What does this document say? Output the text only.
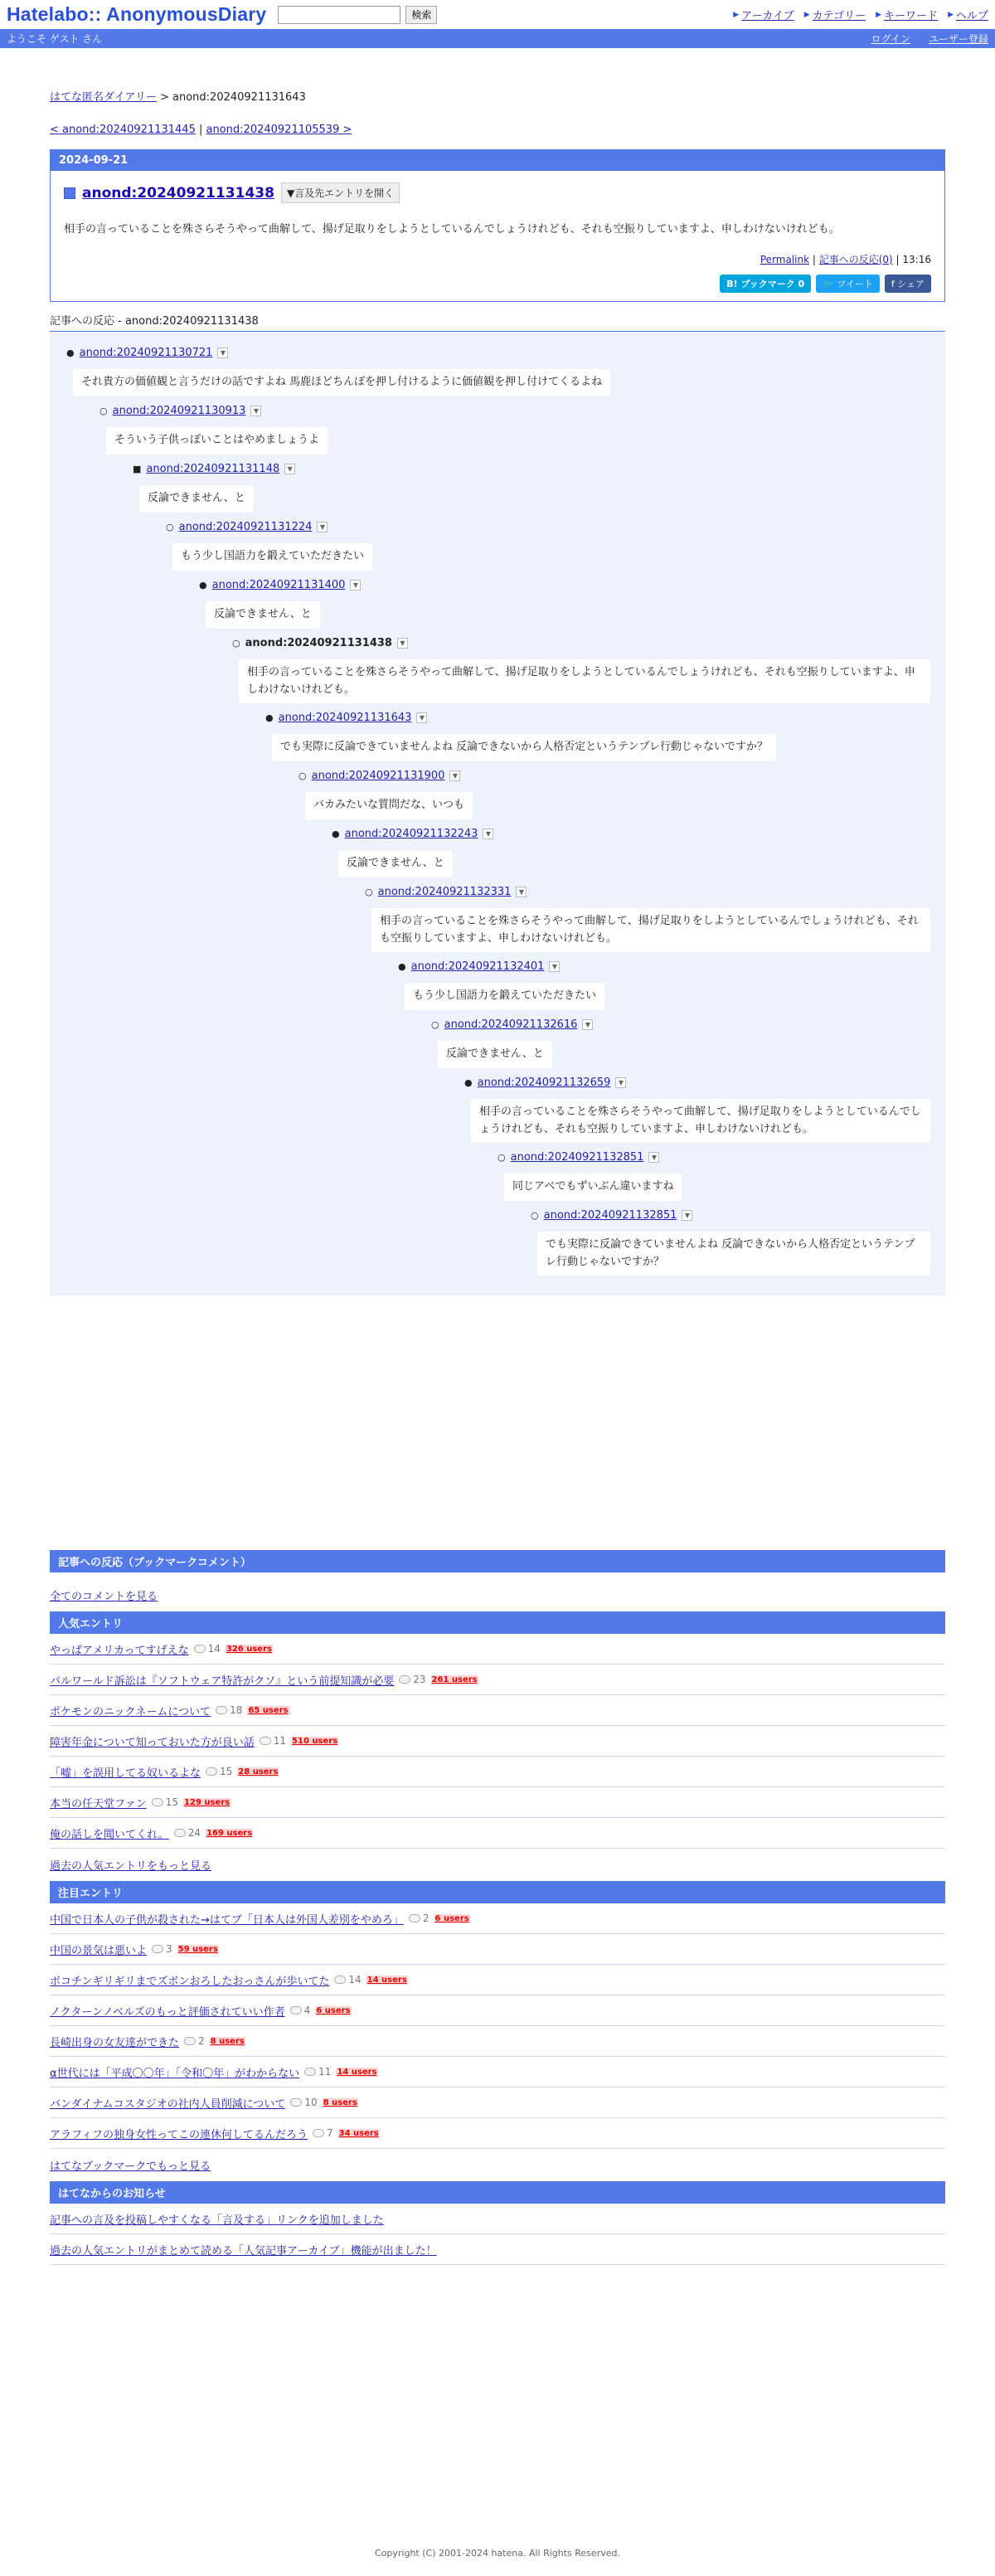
Hatelabo:: AnonymousDiary	検索	▶ アーカイブ ▶ カテゴリー ▶ キーワード ▶ ヘルプ
ようこそ ゲスト さん	ログイン ユーザー登録
はてな匿名ダイアリー > anond:20240921131643
< anond:20240921131445 | anond:20240921105539 >
2024-09-21
anond:20240921131438	▼言及先エントリを開く
相手の言っていることを殊さらそうやって曲解して、揚げ足取りをしようとしているんでしょうけれども、それも空振りしていますよ、申しわけないけれども。
Permalink | 記事への反応(0) | 13:16
B! ブックマーク 0	🐦 ツイート	f シェア
記事への反応 - anond:20240921131438
● anond:20240921130721	▼
それ貴方の価値観と言うだけの話ですよね 馬鹿ほどちんぽを押し付けるように価値観を押し付けてくるよね
○ anond:20240921130913	▼
そういう子供っぽいことはやめましょうよ
■ anond:20240921131148	▼
反論できません、と
○ anond:20240921131224	▼
もう少し国語力を鍛えていただきたい
● anond:20240921131400	▼
反論できません、と
○ anond:20240921131438	▼
相手の言っていることを殊さらそうやって曲解して、揚げ足取りをしようとしているんでしょうけれども、それも空振りしていますよ、申しわけないけれども。
● anond:20240921131643	▼
でも実際に反論できていませんよね 反論できないから人格否定というテンプレ行動じゃないですか？
○ anond:20240921131900	▼
バカみたいな質問だな、いつも
● anond:20240921132243	▼
反論できません、と
○ anond:20240921132331	▼
相手の言っていることを殊さらそうやって曲解して、揚げ足取りをしようとしているんでしょうけれども、それも空振りしていますよ、申しわけないけれども。
● anond:20240921132401	▼
もう少し国語力を鍛えていただきたい
○ anond:20240921132616	▼
反論できません、と
● anond:20240921132659	▼
相手の言っていることを殊さらそうやって曲解して、揚げ足取りをしようとしているんでしょうけれども、それも空振りしていますよ、申しわけないけれども。
○ anond:20240921132851	▼
同じアベでもずいぶん違いますね
○ anond:20240921132851	▼
でも実際に反論できていませんよね 反論できないから人格否定というテンプレ行動じゃないですか？
記事への反応（ブックマークコメント）
全てのコメントを見る
人気エントリ
やっぱアメリカってすげえな 14 326 users
パルワールド訴訟は『ソフトウェア特許がクソ』という前提知識が必要 23 261 users
ポケモンのニックネームについて 18 65 users
障害年金について知っておいた方が良い話 11 510 users
「嘘」を誤用してる奴いるよな 15 28 users
本当の任天堂ファン 15 129 users
俺の話しを聞いてくれ。 24 169 users
過去の人気エントリをもっと見る
注目エントリ
中国で日本人の子供が殺された→はてブ「日本人は外国人差別をやめろ」 2 6 users
中国の景気は悪いよ 3 59 users
ボコチンギリギリまでズボンおろしたおっさんが歩いてた 14 14 users
ノクターンノベルズのもっと評価されていい作者 4 6 users
長崎出身の女友達ができた 2 8 users
α世代には「平成〇〇年」「令和〇年」がわからない 11 14 users
バンダイナムコスタジオの社内人員削減について 10 8 users
アラフィフの独身女性ってこの連休何してるんだろう 7 34 users
はてなブックマークでもっと見る
はてなからのお知らせ
記事への言及を投稿しやすくなる「言及する」リンクを追加しました
過去の人気エントリがまとめて読める「人気記事アーカイブ」機能が出ました！
Copyright (C) 2001-2024 hatena. All Rights Reserved.
